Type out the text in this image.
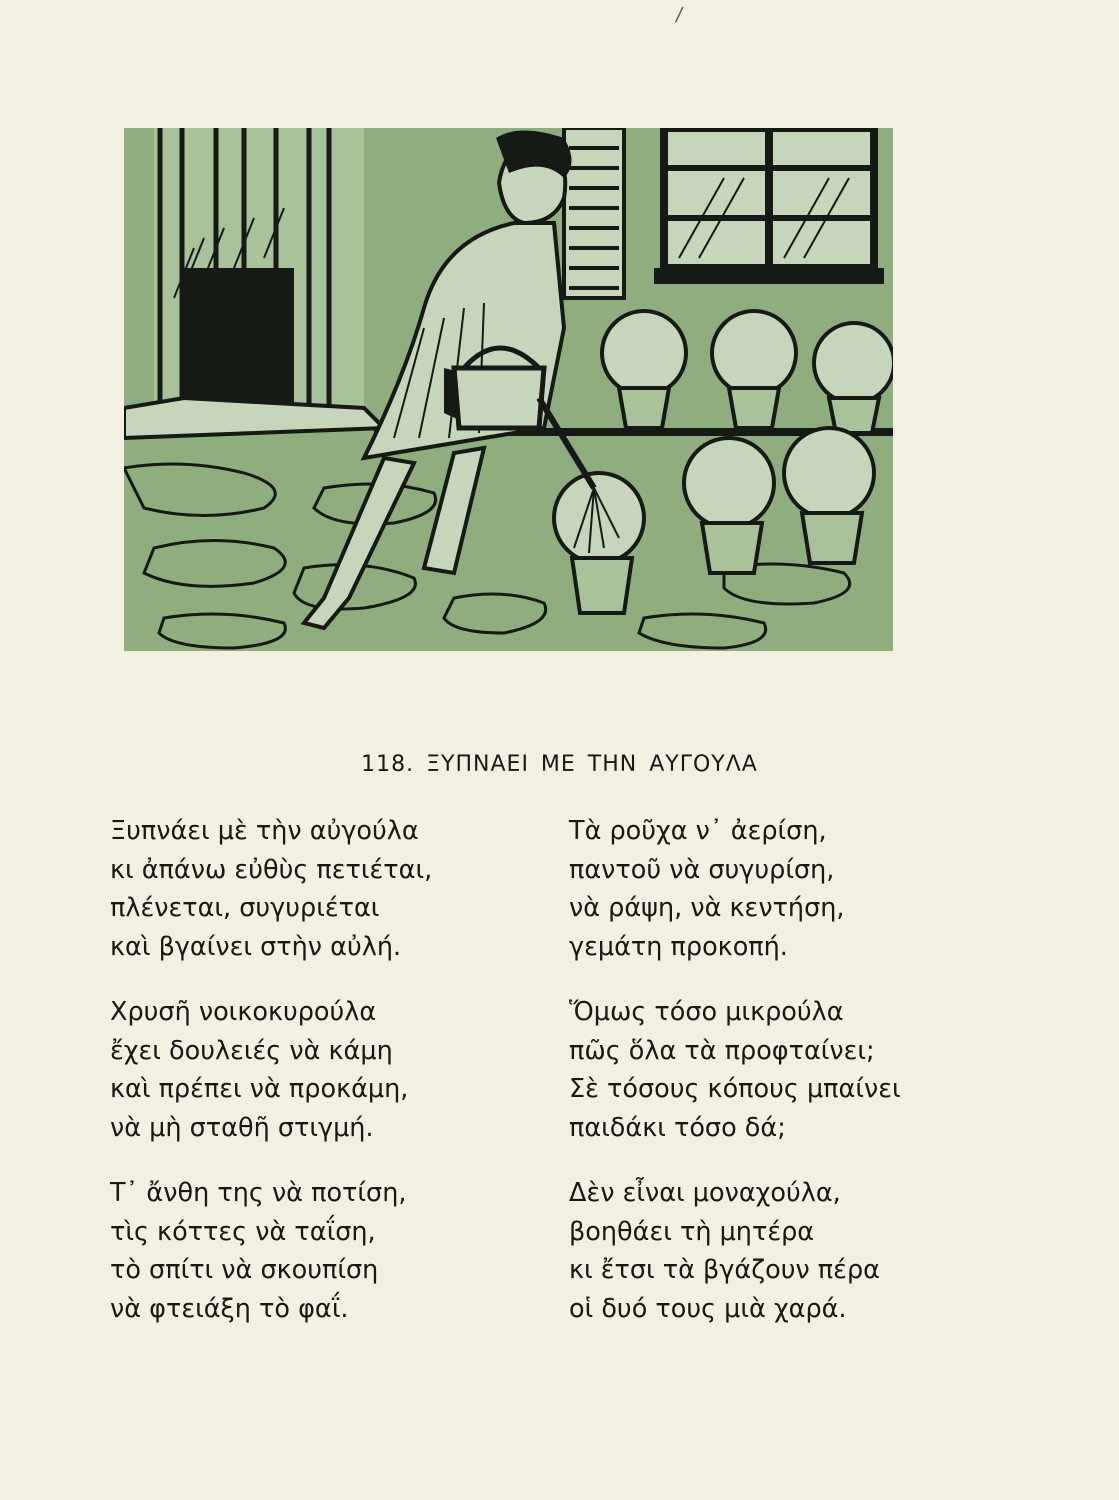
/
118. ΞΥΠΝΑΕΙ ΜΕ ΤΗΝ ΑΥΓΟΥΛΑ
Ξυπνάει μὲ τὴν αὐγούλα
κι ἀπάνω εὐθὺς πετιέται,
πλένεται, συγυριέται
καὶ βγαίνει στὴν αὐλή.
Χρυσῆ νοικοκυρούλα
ἔχει δουλειές νὰ κάμη
καὶ πρέπει νὰ προκάμη,
νὰ μὴ σταθῆ στιγμή.
Τ᾿ ἄνθη της νὰ ποτίση,
τὶς κόττες νὰ ταΐση,
τὸ σπίτι νὰ σκουπίση
νὰ φτειάξη τὸ φαΐ.
Τὰ ροῦχα ν᾿ ἀερίση,
παντοῦ νὰ συγυρίση,
νὰ ράψη, νὰ κεντήση,
γεμάτη προκοπή.
Ὅμως τόσο μικρούλα
πῶς ὅλα τὰ προφταίνει;
Σὲ τόσους κόπους μπαίνει
παιδάκι τόσο δά;
Δὲν εἶναι μοναχούλα,
βοηθάει τὴ μητέρα
κι ἔτσι τὰ βγάζουν πέρα
οἱ δυό τους μιὰ χαρά.
